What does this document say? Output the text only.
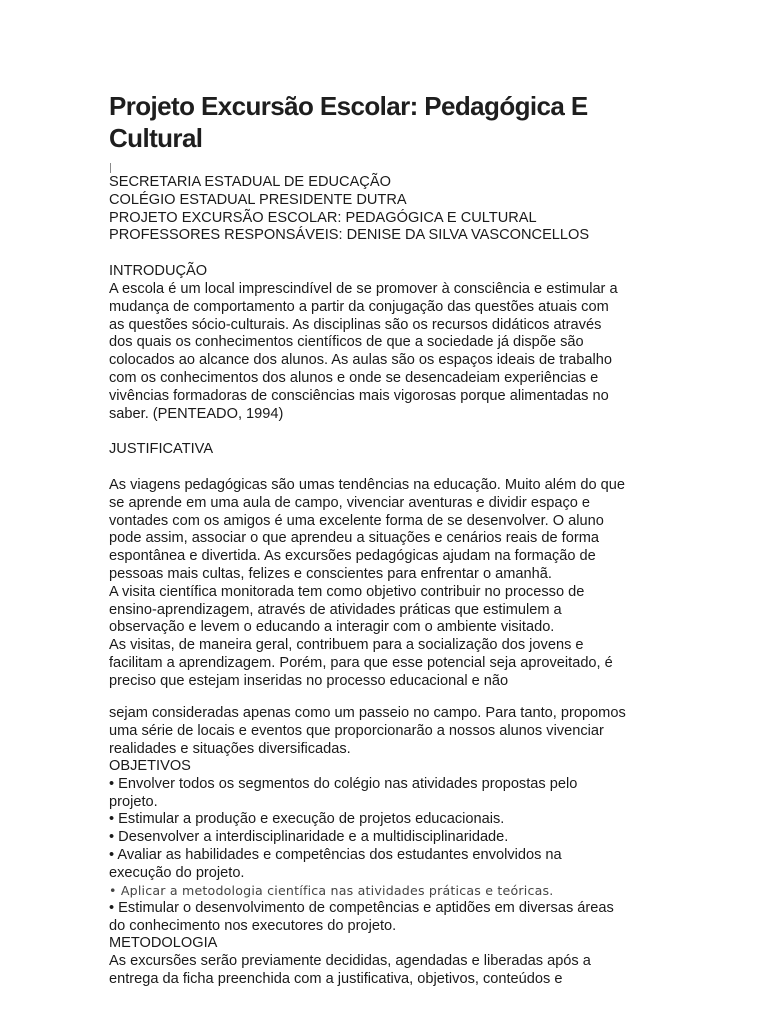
Projeto Excursão Escolar: Pedagógica E Cultural

SECRETARIA ESTADUAL DE EDUCAÇÃO
COLÉGIO ESTADUAL PRESIDENTE DUTRA
PROJETO EXCURSÃO ESCOLAR: PEDAGÓGICA E CULTURAL
PROFESSORES RESPONSÁVEIS: DENISE DA SILVA VASCONCELLOS

INTRODUÇÃO

A escola é um local imprescindível de se promover à consciência e estimular a
mudança de comportamento a partir da conjugação das questões atuais com
as questões sócio-culturais. As disciplinas são os recursos didáticos através
dos quais os conhecimentos científicos de que a sociedade já dispõe são
colocados ao alcance dos alunos. As aulas são os espaços ideais de trabalho
com os conhecimentos dos alunos e onde se desencadeiam experiências e
vivências formadoras de consciências mais vigorosas porque alimentadas no
saber. (PENTEADO, 1994)

JUSTIFICATIVA

As viagens pedagógicas são umas tendências na educação. Muito além do que
se aprende em uma aula de campo, vivenciar aventuras e dividir espaço e
vontades com os amigos é uma excelente forma de se desenvolver. O aluno
pode assim, associar o que aprendeu a situações e cenários reais de forma
espontânea e divertida. As excursões pedagógicas ajudam na formação de
pessoas mais cultas, felizes e conscientes para enfrentar o amanhã.
A visita científica monitorada tem como objetivo contribuir no processo de
ensino-aprendizagem, através de atividades práticas que estimulem a
observação e levem o educando a interagir com o ambiente visitado.
As visitas, de maneira geral, contribuem para a socialização dos jovens e
facilitam a aprendizagem. Porém, para que esse potencial seja aproveitado, é
preciso que estejam inseridas no processo educacional e não

sejam consideradas apenas como um passeio no campo. Para tanto, propomos
uma série de locais e eventos que proporcionarão a nossos alunos vivenciar
realidades e situações diversificadas.

OBJETIVOS

• Envolver todos os segmentos do colégio nas atividades propostas pelo
projeto.

• Estimular a produção e execução de projetos educacionais.

• Desenvolver a interdisciplinaridade e a multidisciplinaridade.

• Avaliar as habilidades e competências dos estudantes envolvidos na
execução do projeto.

• Aplicar a metodologia científica nas atividades práticas e teóricas.

• Estimular o desenvolvimento de competências e aptidões em diversas áreas
do conhecimento nos executores do projeto.

METODOLOGIA

As excursões serão previamente decididas, agendadas e liberadas após a
entrega da ficha preenchida com a justificativa, objetivos, conteúdos e
